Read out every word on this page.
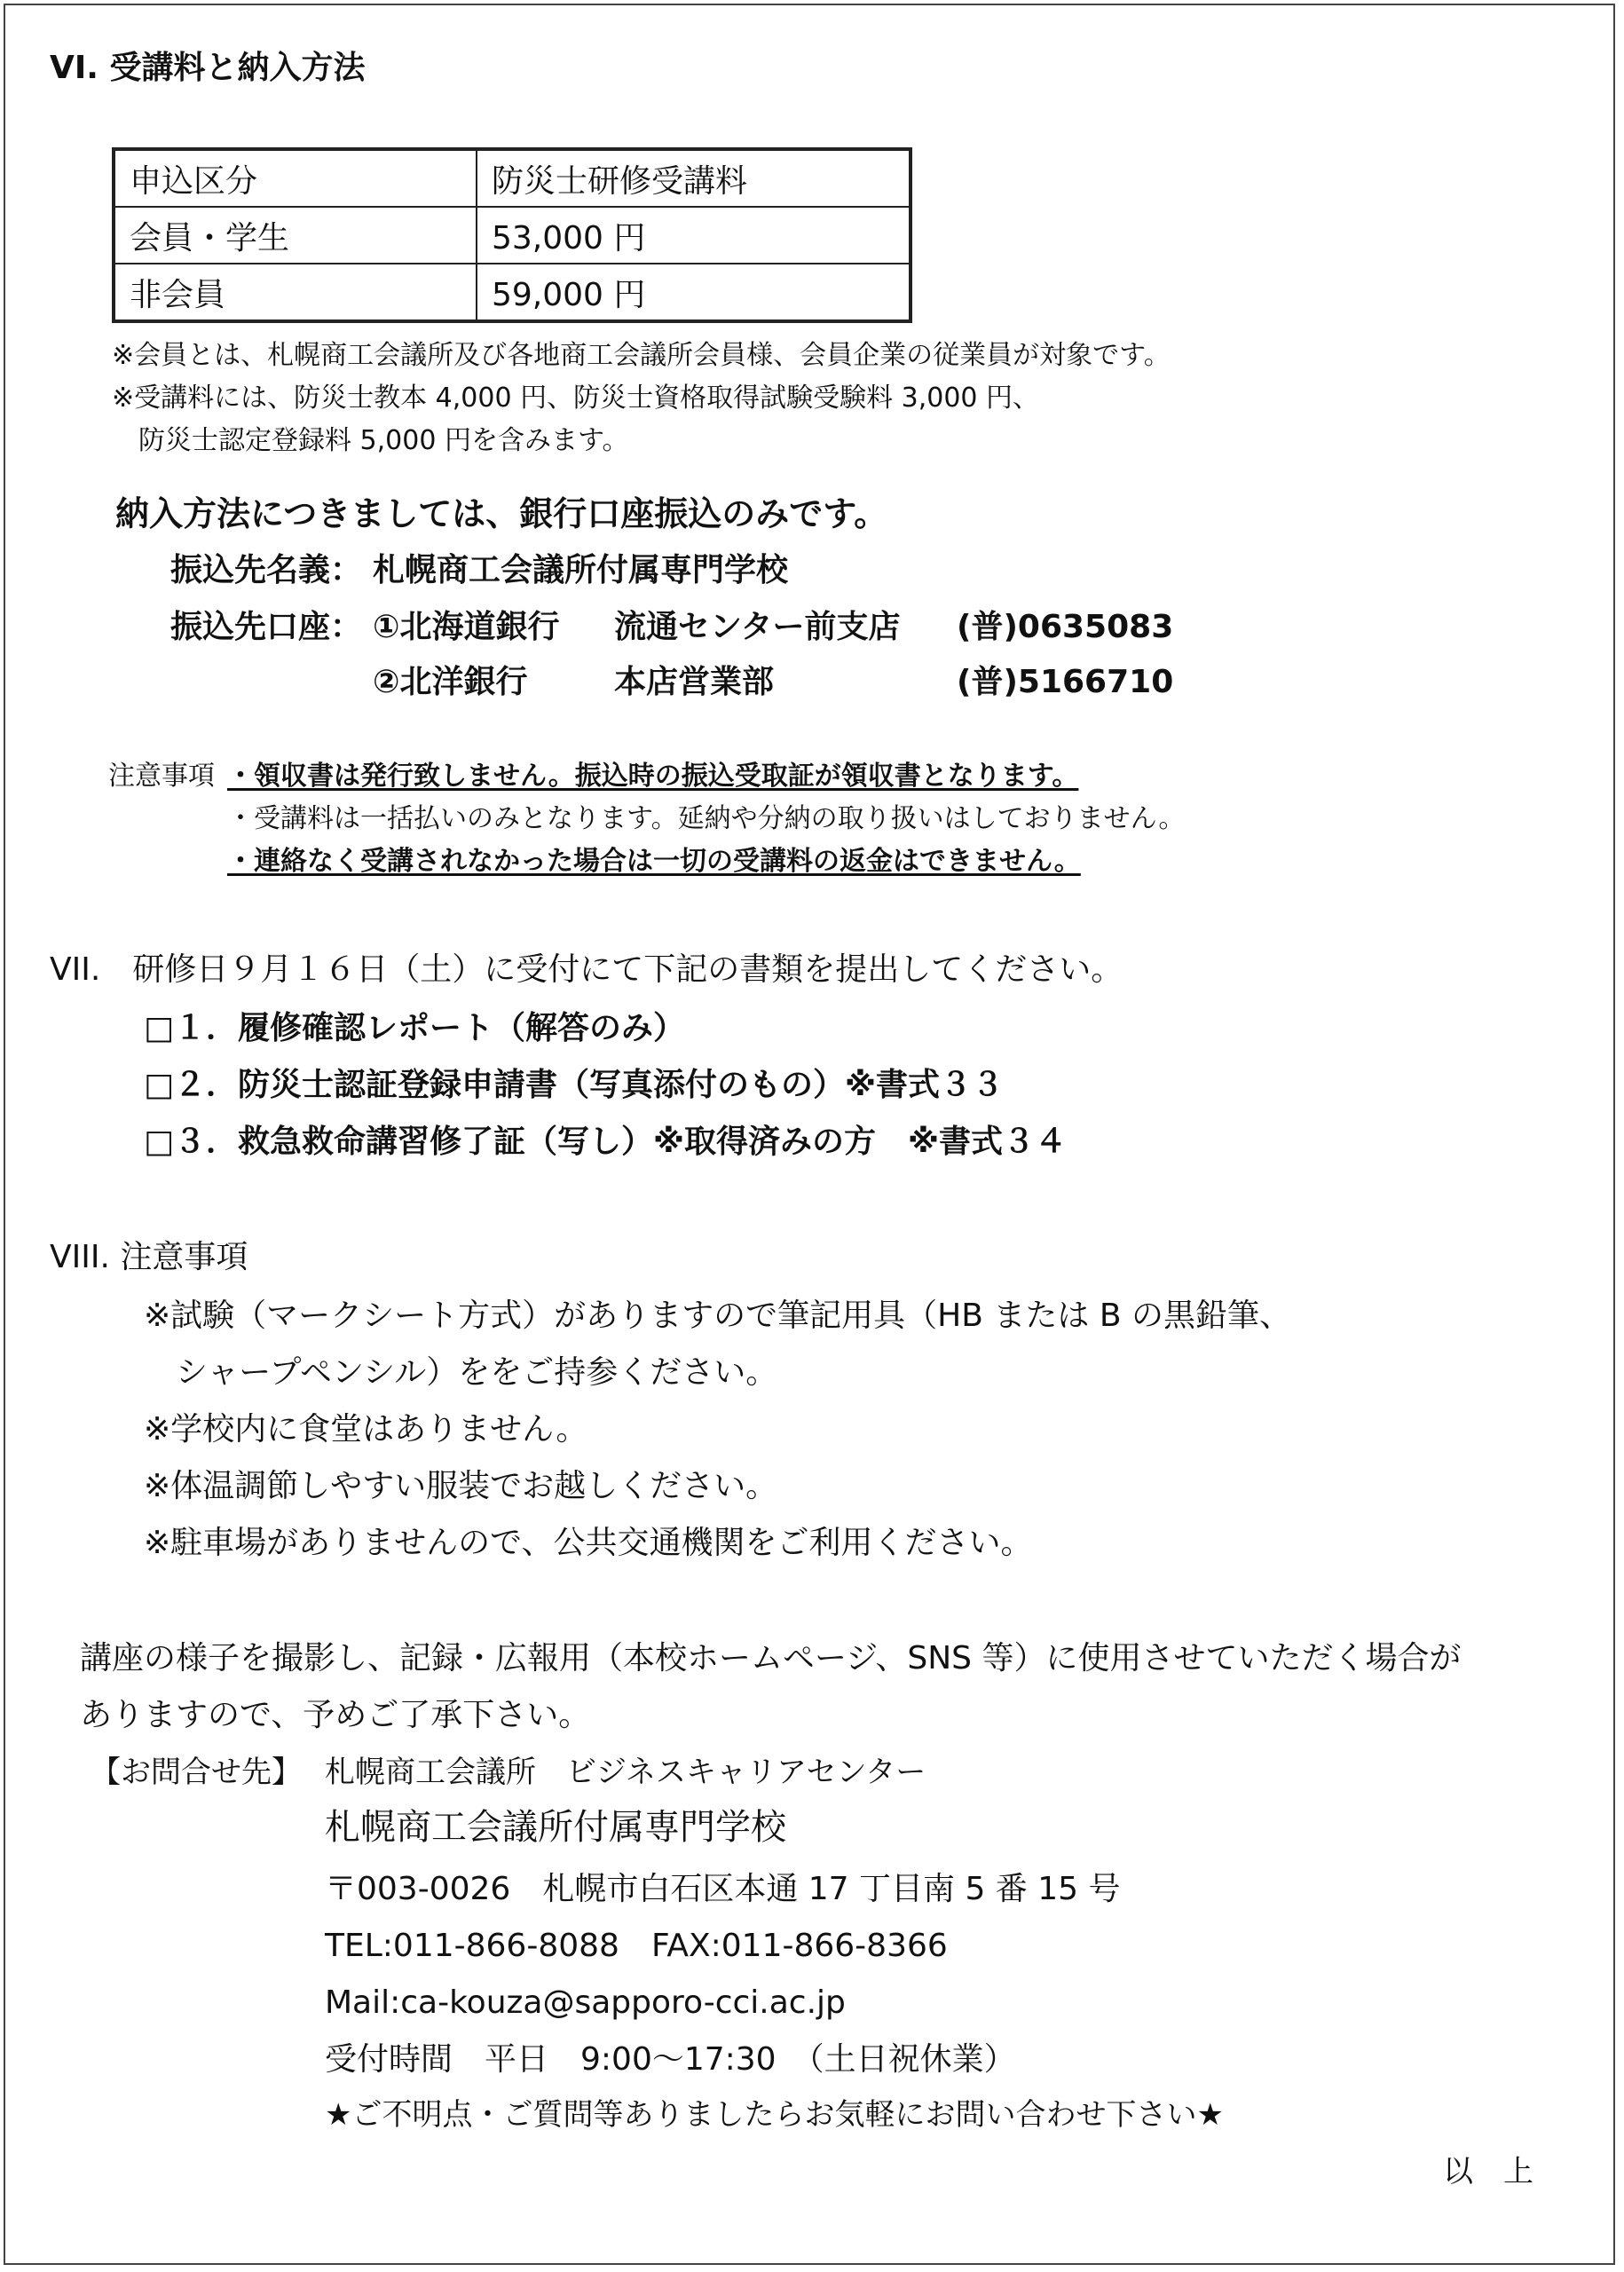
VI. 受講料と納入方法
申込区分	防災士研修受講料
会員・学生	53,000 円
非会員	59,000 円
※会員とは、札幌商工会議所及び各地商工会議所会員様、会員企業の従業員が対象です。
※受講料には、防災士教本 4,000 円、防災士資格取得試験受験料 3,000 円、
防災士認定登録料 5,000 円を含みます。
納入方法につきましては、銀行口座振込のみです。
振込先名義： 札幌商工会議所付属専門学校
振込先口座： ①北海道銀行 流通センター前支店 (普)0635083
②北洋銀行	本店営業部	(普)5166710
注意事項 ・領収書は発行致しません。振込時の振込受取証が領収書となります。
・受講料は一括払いのみとなります。延納や分納の取り扱いはしておりません。
・連絡なく受講されなかった場合は一切の受講料の返金はできません。
VII.　研修日９月１６日（土）に受付にて下記の書類を提出してください。
□１．履修確認レポート（解答のみ）
□２．防災士認証登録申請書（写真添付のもの）※書式３３
□３．救急救命講習修了証（写し）※取得済みの方　※書式３４
VIII. 注意事項
※試験（マークシート方式）がありますので筆記用具（HB または B の黒鉛筆、
シャープペンシル）ををご持参ください。
※学校内に食堂はありません。
※体温調節しやすい服装でお越しください。
※駐車場がありませんので、公共交通機関をご利用ください。
講座の様子を撮影し、記録・広報用（本校ホームページ、SNS 等）に使用させていただく場合が
ありますので、予めご了承下さい。
【お問合せ先】 札幌商工会議所　ビジネスキャリアセンター
札幌商工会議所付属専門学校
〒003-0026　札幌市白石区本通 17 丁目南 5 番 15 号
TEL:011-866-8088　FAX:011-866-8366
Mail:ca-kouza@sapporo-cci.ac.jp
受付時間　平日　9:00～17:30　（土日祝休業）
★ご不明点・ご質問等ありましたらお気軽にお問い合わせ下さい★
以　上
